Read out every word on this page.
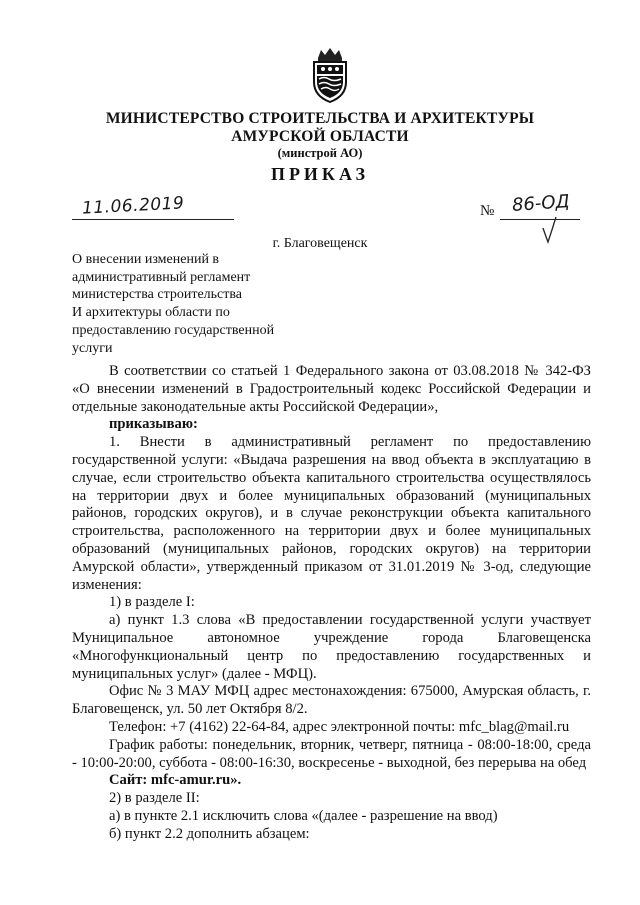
МИНИСТЕРСТВО СТРОИТЕЛЬСТВА И АРХИТЕКТУРЫ
АМУРСКОЙ ОБЛАСТИ
(минстрой АО)
ПРИКАЗ
11.06.2019	№ 86-ОД
г. Благовещенск
О внесении изменений в
административный регламент
министерства строительства
И архитектуры области по
предоставлению государственной
услуги

В соответствии со статьей 1 Федерального закона от 03.08.2018 № 342-ФЗ «О внесении изменений в Градостроительный кодекс Российской Федерации и отдельные законодательные акты Российской Федерации»,

приказываю:

1. Внести в административный регламент по предоставлению государственной услуги: «Выдача разрешения на ввод объекта в эксплуатацию в случае, если строительство объекта капитального строительства осуществлялось на территории двух и более муниципальных образований (муниципальных районов, городских округов), и в случае реконструкции объекта капитального строительства, расположенного на территории двух и более муниципальных образований (муниципальных районов, городских округов) на территории Амурской области», утвержденный приказом от 31.01.2019 № 3-од, следующие изменения:

1) в разделе I:

а) пункт 1.3 слова «В предоставлении государственной услуги участвует Муниципальное автономное учреждение города Благовещенска «Многофункциональный центр по предоставлению государственных и муниципальных услуг» (далее - МФЦ).

Офис № 3 МАУ МФЦ адрес местонахождения: 675000, Амурская область, г. Благовещенск, ул. 50 лет Октября 8/2.

Телефон: +7 (4162) 22-64-84, адрес электронной почты: mfc_blag@mail.ru

График работы: понедельник, вторник, четверг, пятница - 08:00-18:00, среда - 10:00-20:00, суббота - 08:00-16:30, воскресенье - выходной, без перерыва на обед

Сайт: mfc-amur.ru».

2) в разделе II:

а) в пункте 2.1 исключить слова «(далее - разрешение на ввод)

б) пункт 2.2 дополнить абзацем:
